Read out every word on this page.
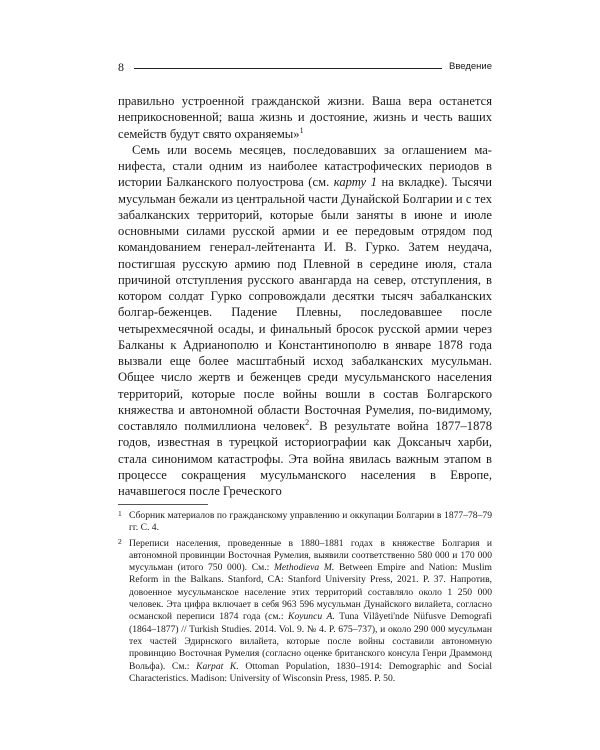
8	Введение

правильно устроенной гражданской жизни. Ваша вера останется неприкосновенной; ваша жизнь и достояние, жизнь и честь ваших семейств будут свято охраняемы»$^1$

Семь или восемь месяцев, последовавших за оглашением манифеста, стали одним из наиболее катастрофических периодов в истории Балканского полуострова (см. карту 1 на вкладке). Тысячи мусульман бежали из центральной части Дунайской Болгарии и с тех забалканских территорий, которые были заняты в июне и июле основными силами русской армии и ее передовым отрядом под командованием генерал-лейтенанта И. В. Гурко. Затем неудача, постигшая русскую армию под Плевной в середине июля, стала причиной отступления русского авангарда на север, отступления, в котором солдат Гурко сопровождали десятки тысяч забалканских болгар-беженцев. Падение Плевны, последовавшее после четырехмесячной осады, и финальный бросок русской армии через Балканы к Адрианополю и Константинополю в январе 1878 года вызвали еще более масштабный исход забалканских мусульман. Общее число жертв и беженцев среди мусульманского населения территорий, которые после войны вошли в состав Болгарского княжества и автономной области Восточная Румелия, по-видимому, составляло полмиллиона человек$^2$. В результате война 1877–1878 годов, известная в турецкой историографии как Доксаныч харби, стала синонимом катастрофы. Эта война явилась важным этапом в процессе сокращения мусульманского населения в Европе, начавшегося после Греческого

1 Сборник материалов по гражданскому управлению и оккупации Болгарии в 1877–78–79 гг. С. 4.

2 Перепиcи населения, проведенные в 1880–1881 годах в княжестве Болгария и автономной провинции Восточная Румелия, выявили соответственно 580 000 и 170 000 мусульман (итого 750 000). См.: Methodieva M. Between Empire and Nation: Muslim Reform in the Balkans. Stanford, CA: Stanford University Press, 2021. P. 37. Напротив, довоенное мусульманское население этих территорий составляло около 1 250 000 человек. Эта цифра включает в себя 963 596 мусульман Дунайского вилайета, согласно османской переписи 1874 года (см.: Koyuncu A. Tuna Vilâyeti'nde Nüfusve Demografi (1864–1877) // Turkish Studies. 2014. Vol. 9. № 4. P. 675–737), и около 290 000 мусульман тех частей Эдирнского вилайета, которые после войны составили автономную провинцию Восточная Румелия (согласно оценке британского консула Генри Драммонд Вольфа). См.: Karpat K. Ottoman Population, 1830–1914: Demographic and Social Characteristics. Madison: University of Wisconsin Press, 1985. P. 50.
